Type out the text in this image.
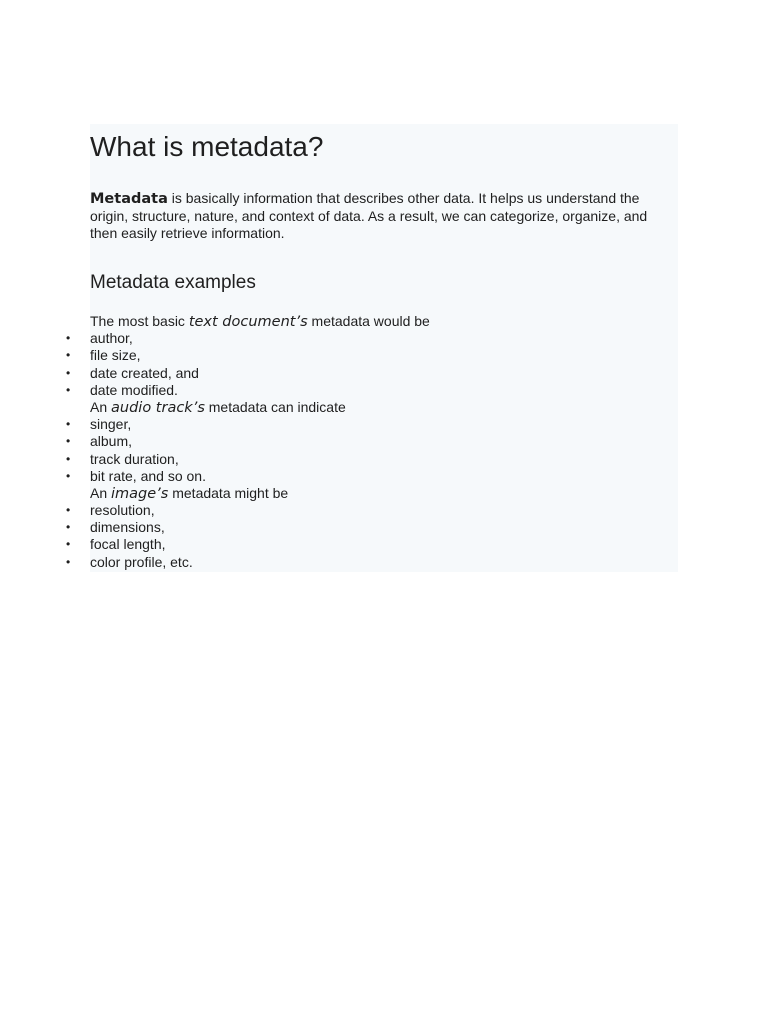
What is metadata?

Metadata is basically information that describes other data. It helps us understand the
origin, structure, nature, and context of data. As a result, we can categorize, organize, and
then easily retrieve information.

Metadata examples
The most basic text document’s metadata would be
• author,
• file size,
• date created, and
• date modified.
An audio track’s metadata can indicate
• singer,
• album,
• track duration,
• bit rate, and so on.
An image’s metadata might be
• resolution,
• dimensions,
• focal length,
• color profile, etc.
